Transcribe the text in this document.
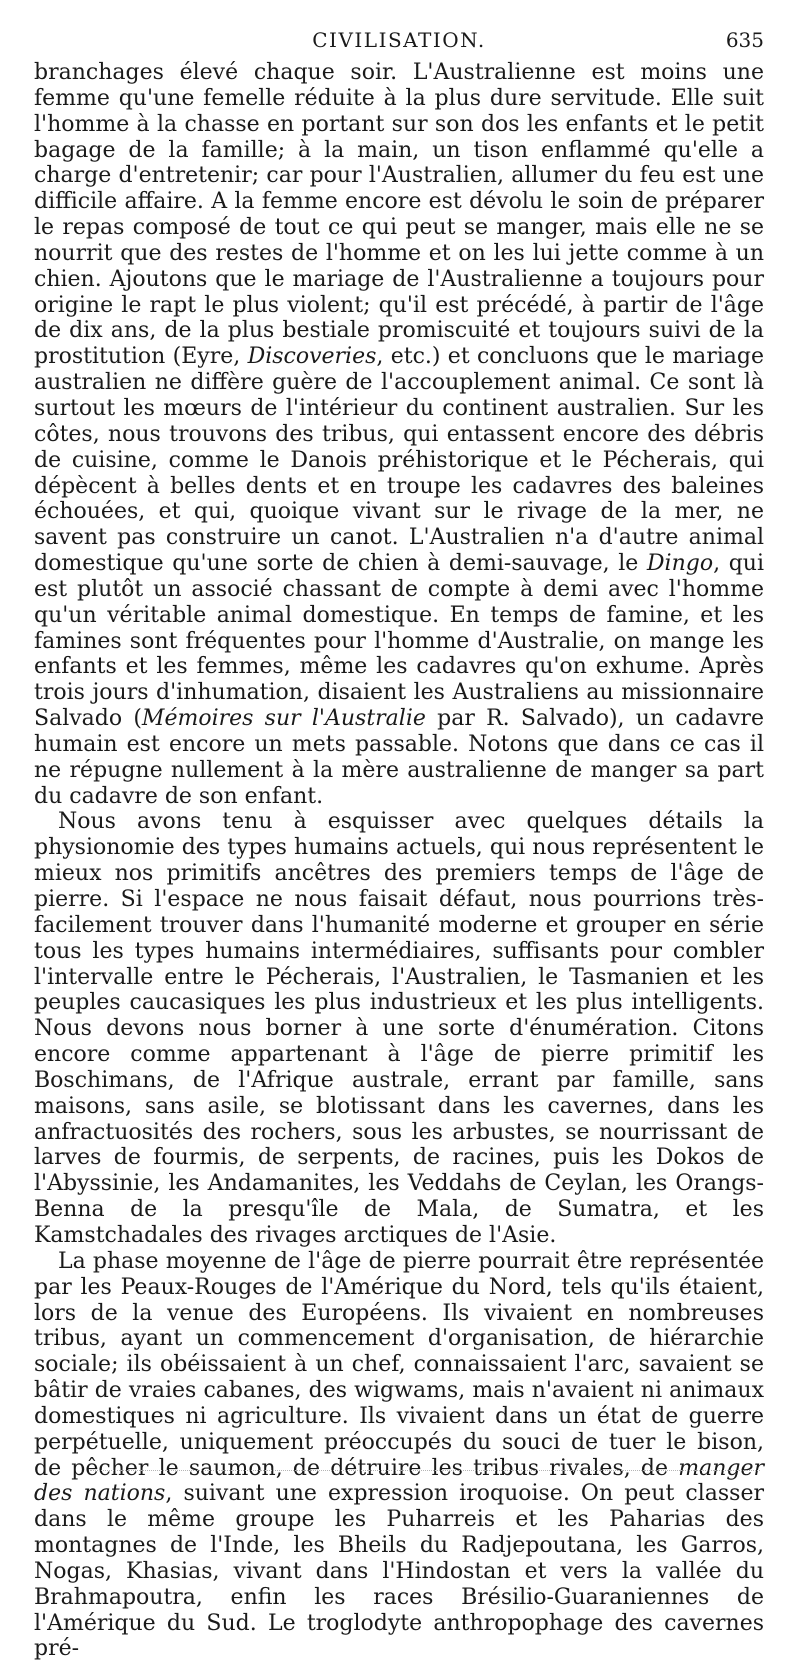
CIVILISATION.	635

branchages élevé chaque soir. L'Australienne est moins une femme qu'une femelle réduite à la plus dure servitude. Elle suit l'homme à la chasse en portant sur son dos les enfants et le petit bagage de la famille; à la main, un tison enflammé qu'elle a charge d'entretenir; car pour l'Australien, allumer du feu est une difficile affaire. A la femme encore est dévolu le soin de préparer le repas composé de tout ce qui peut se manger, mais elle ne se nourrit que des restes de l'homme et on les lui jette comme à un chien. Ajoutons que le mariage de l'Australienne a toujours pour origine le rapt le plus violent; qu'il est précédé, à partir de l'âge de dix ans, de la plus bestiale promiscuité et toujours suivi de la prostitution (Eyre, Discoveries, etc.) et concluons que le mariage australien ne diffère guère de l'accouplement animal. Ce sont là surtout les mœurs de l'intérieur du continent australien. Sur les côtes, nous trouvons des tribus, qui entassent encore des débris de cuisine, comme le Danois préhistorique et le Pécherais, qui dépècent à belles dents et en troupe les cadavres des baleines échouées, et qui, quoique vivant sur le rivage de la mer, ne savent pas construire un canot. L'Australien n'a d'autre animal domestique qu'une sorte de chien à demi-sauvage, le Dingo, qui est plutôt un associé chassant de compte à demi avec l'homme qu'un véritable animal domestique. En temps de famine, et les famines sont fréquentes pour l'homme d'Australie, on mange les enfants et les femmes, même les cadavres qu'on exhume. Après trois jours d'inhumation, disaient les Australiens au missionnaire Salvado (Mémoires sur l'Australie par R. Salvado), un cadavre humain est encore un mets passable. Notons que dans ce cas il ne répugne nullement à la mère australienne de manger sa part du cadavre de son enfant.

Nous avons tenu à esquisser avec quelques détails la physionomie des types humains actuels, qui nous représentent le mieux nos primitifs ancêtres des premiers temps de l'âge de pierre. Si l'espace ne nous faisait défaut, nous pourrions très-facilement trouver dans l'humanité moderne et grouper en série tous les types humains intermédiaires, suffisants pour combler l'intervalle entre le Pécherais, l'Australien, le Tasmanien et les peuples caucasiques les plus industrieux et les plus intelligents. Nous devons nous borner à une sorte d'énumération. Citons encore comme appartenant à l'âge de pierre primitif les Boschimans, de l'Afrique australe, errant par famille, sans maisons, sans asile, se blotissant dans les cavernes, dans les anfractuosités des rochers, sous les arbustes, se nourrissant de larves de fourmis, de serpents, de racines, puis les Dokos de l'Abyssinie, les Andamanites, les Veddahs de Ceylan, les Orangs-Benna de la presqu'île de Mala, de Sumatra, et les Kamstchadales des rivages arctiques de l'Asie.

La phase moyenne de l'âge de pierre pourrait être représentée par les Peaux-Rouges de l'Amérique du Nord, tels qu'ils étaient, lors de la venue des Européens. Ils vivaient en nombreuses tribus, ayant un commencement d'organisation, de hiérarchie sociale; ils obéissaient à un chef, connaissaient l'arc, savaient se bâtir de vraies cabanes, des wigwams, mais n'avaient ni animaux domestiques ni agriculture. Ils vivaient dans un état de guerre perpétuelle, uniquement préoccupés du souci de tuer le bison, de pêcher le saumon, de détruire les tribus rivales, de manger des nations, suivant une expression iroquoise. On peut classer dans le même groupe les Puharreis et les Paharias des montagnes de l'Inde, les Bheils du Radjepoutana, les Garros, Nogas, Khasias, vivant dans l'Hindostan et vers la vallée du Brahmapoutra, enfin les races Brésilio-Guaraniennes de l'Amérique du Sud. Le troglodyte anthropophage des cavernes pré-
